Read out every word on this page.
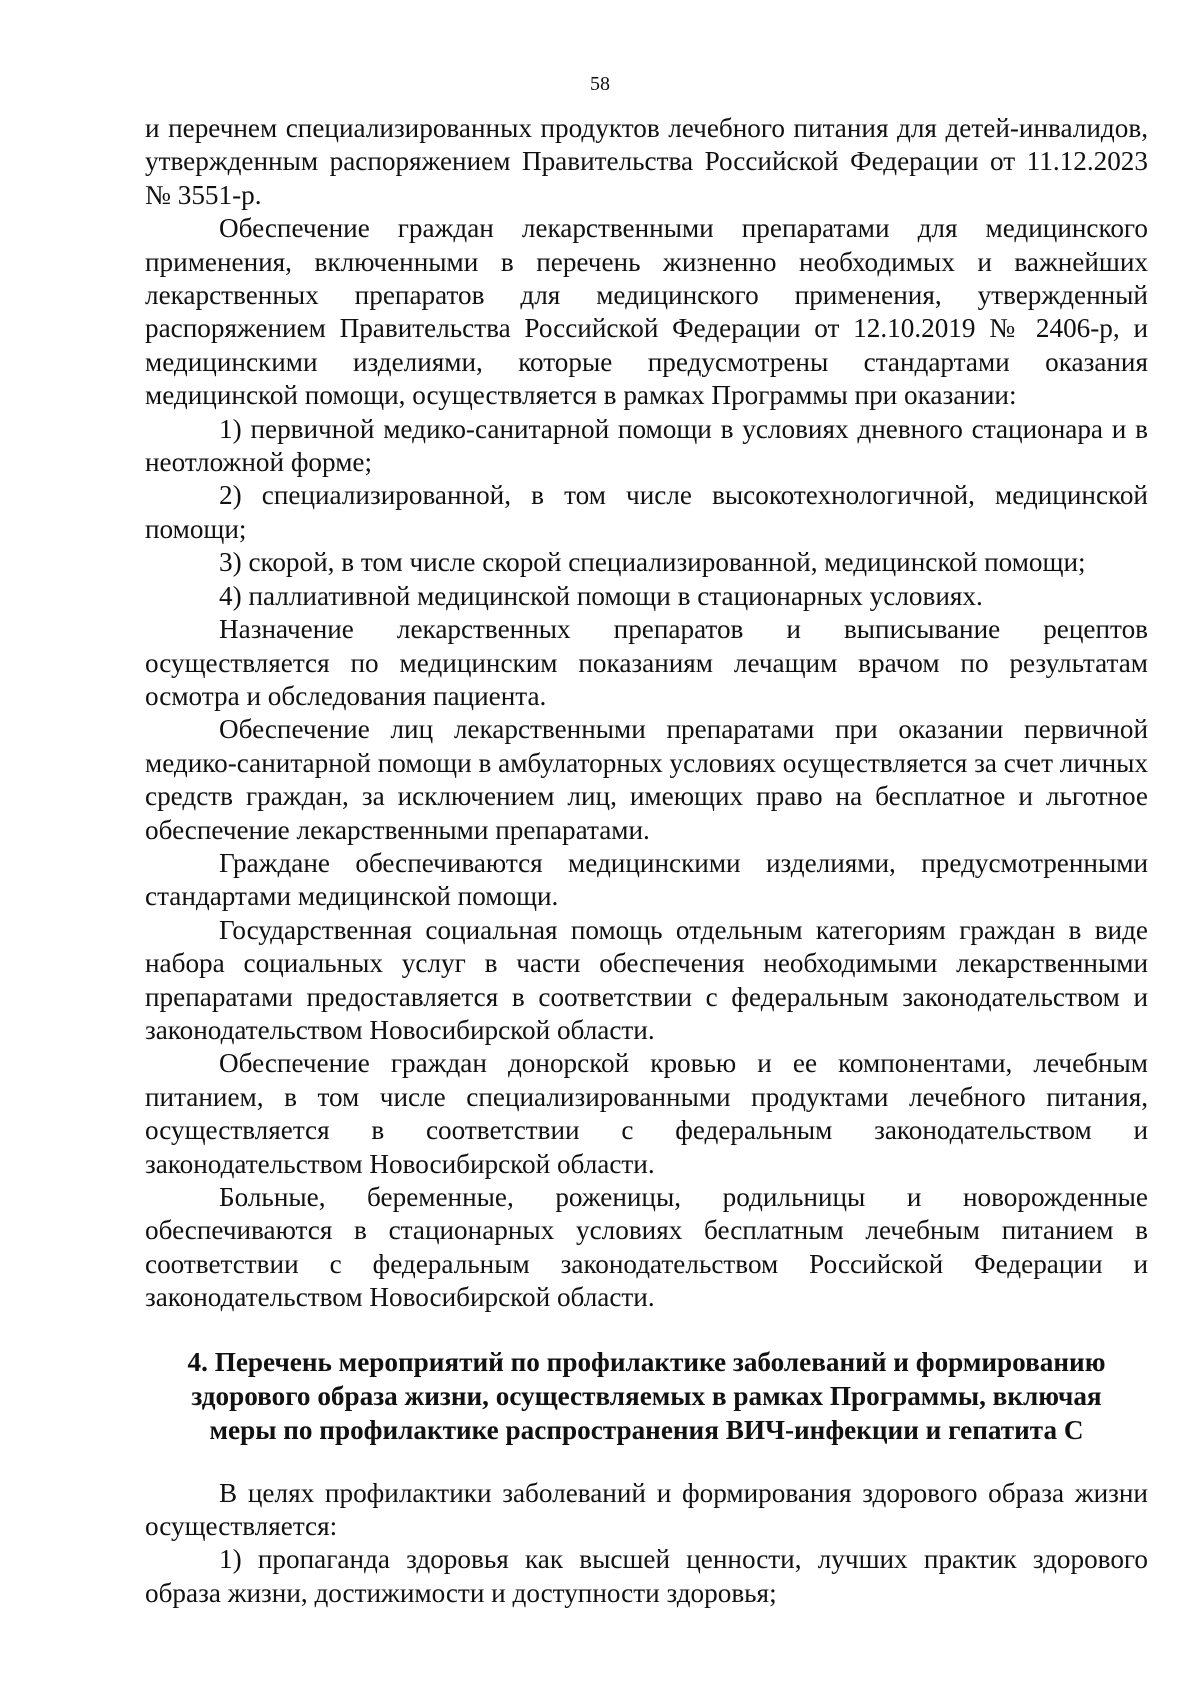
58

и перечнем специализированных продуктов лечебного питания для детей-инвалидов, утвержденным распоряжением Правительства Российской Федерации от 11.12.2023 № 3551-р.

Обеспечение граждан лекарственными препаратами для медицинского применения, включенными в перечень жизненно необходимых и важнейших лекарственных препаратов для медицинского применения, утвержденный распоряжением Правительства Российской Федерации от 12.10.2019 № 2406-р, и медицинскими изделиями, которые предусмотрены стандартами оказания медицинской помощи, осуществляется в рамках Программы при оказании:

1) первичной медико-санитарной помощи в условиях дневного стационара и в неотложной форме;

2) специализированной, в том числе высокотехнологичной, медицинской помощи;

3) скорой, в том числе скорой специализированной, медицинской помощи;

4) паллиативной медицинской помощи в стационарных условиях.

Назначение лекарственных препаратов и выписывание рецептов осуществляется по медицинским показаниям лечащим врачом по результатам осмотра и обследования пациента.

Обеспечение лиц лекарственными препаратами при оказании первичной медико-санитарной помощи в амбулаторных условиях осуществляется за счет личных средств граждан, за исключением лиц, имеющих право на бесплатное и льготное обеспечение лекарственными препаратами.

Граждане обеспечиваются медицинскими изделиями, предусмотренными стандартами медицинской помощи.

Государственная социальная помощь отдельным категориям граждан в виде набора социальных услуг в части обеспечения необходимыми лекарственными препаратами предоставляется в соответствии с федеральным законодательством и законодательством Новосибирской области.

Обеспечение граждан донорской кровью и ее компонентами, лечебным питанием, в том числе специализированными продуктами лечебного питания, осуществляется в соответствии с федеральным законодательством и законодательством Новосибирской области.

Больные, беременные, роженицы, родильницы и новорожденные обеспечиваются в стационарных условиях бесплатным лечебным питанием в соответствии с федеральным законодательством Российской Федерации и законодательством Новосибирской области.

4. Перечень мероприятий по профилактике заболеваний и формированию здорового образа жизни, осуществляемых в рамках Программы, включая меры по профилактике распространения ВИЧ-инфекции и гепатита С

В целях профилактики заболеваний и формирования здорового образа жизни осуществляется:

1) пропаганда здоровья как высшей ценности, лучших практик здорового образа жизни, достижимости и доступности здоровья;
